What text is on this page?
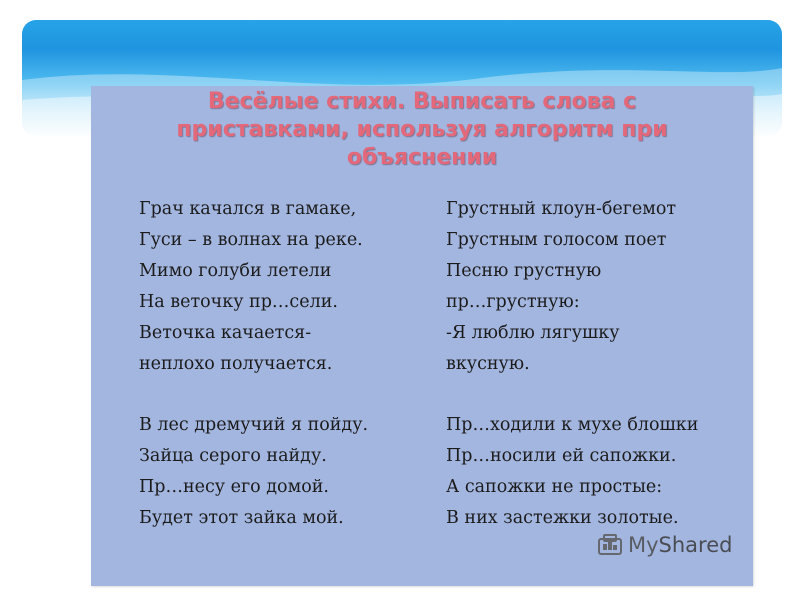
Весёлые стихи. Выписать слова с
приставками, используя алгоритм при
объяснении
Грач качался в гамаке,
Гуси – в волнах на реке.
Мимо голуби летели
На веточку пр…сели.
Веточка качается-
неплохо получается.
В лес дремучий я пойду.
Зайца серого найду.
Пр…несу его домой.
Будет этот зайка мой.
Грустный клоун-бегемот
Грустным голосом поет
Песню грустную
пр…грустную:
-Я люблю лягушку
вкусную.
Пр…ходили к мухе блошки
Пр…носили ей сапожки.
А сапожки не простые:
В них застежки золотые.
MyShared
